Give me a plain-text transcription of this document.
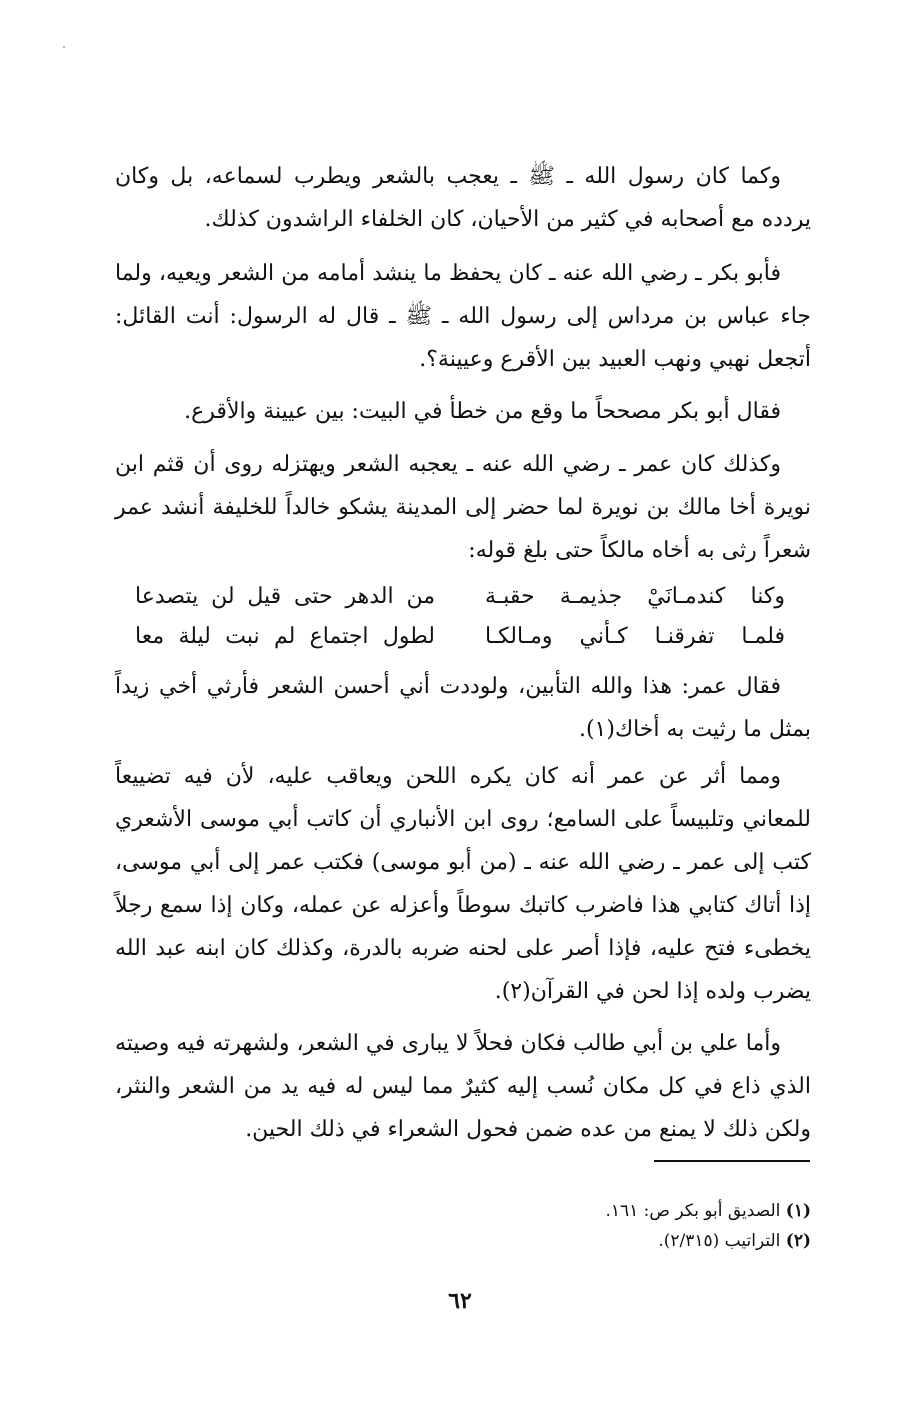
وكما كان رسول الله ـ ﷺ ـ يعجب بالشعر ويطرب لسماعه، بل وكان يردده مع أصحابه في كثير من الأحيان، كان الخلفاء الراشدون كذلك.

فأبو بكر ـ رضي الله عنه ـ كان يحفظ ما ينشد أمامه من الشعر ويعيه، ولما جاء عباس بن مرداس إلى رسول الله ـ ﷺ ـ قال له الرسول: أنت القائل: أتجعل نهبي ونهب العبيد بين الأقرع وعيينة؟.

فقال أبو بكر مصححاً ما وقع من خطأ في البيت: بين عيينة والأقرع.

وكذلك كان عمر ـ رضي الله عنه ـ يعجبه الشعر ويهتزله روى أن قثم ابن نويرة أخا مالك بن نويرة لما حضر إلى المدينة يشكو خالداً للخليفة أنشد عمر شعراً رثى به أخاه مالكاً حتى بلغ قوله:

وكنا كندمـانَيْ جذيمـة حقبـة
من الدهر حتى قيل لن يتصدعا
فلمـا تفرقنـا كـأني ومـالكـا
لطول اجتماع لم نبت ليلة معا

فقال عمر: هذا والله التأبين، ولوددت أني أحسن الشعر فأرثي أخي زيداً بمثل ما رثيت به أخاك(١).

ومما أثر عن عمر أنه كان يكره اللحن ويعاقب عليه، لأن فيه تضييعاً للمعاني وتلبيساً على السامع؛ روى ابن الأنباري أن كاتب أبي موسى الأشعري كتب إلى عمر ـ رضي الله عنه ـ (من أبو موسى) فكتب عمر إلى أبي موسى، إذا أتاك كتابي هذا فاضرب كاتبك سوطاً وأعزله عن عمله، وكان إذا سمع رجلاً يخطىء فتح عليه، فإذا أصر على لحنه ضربه بالدرة، وكذلك كان ابنه عبد الله يضرب ولده إذا لحن في القرآن(٢).

وأما علي بن أبي طالب فكان فحلاً لا يبارى في الشعر، ولشهرته فيه وصيته الذي ذاع في كل مكان نُسب إليه كثيرٌ مما ليس له فيه يد من الشعر والنثر، ولكن ذلك لا يمنع من عده ضمن فحول الشعراء في ذلك الحين.

(١) الصديق أبو بكر ص: ١٦١.

(٢) التراتيب (٢/٣١٥).

٦٢
